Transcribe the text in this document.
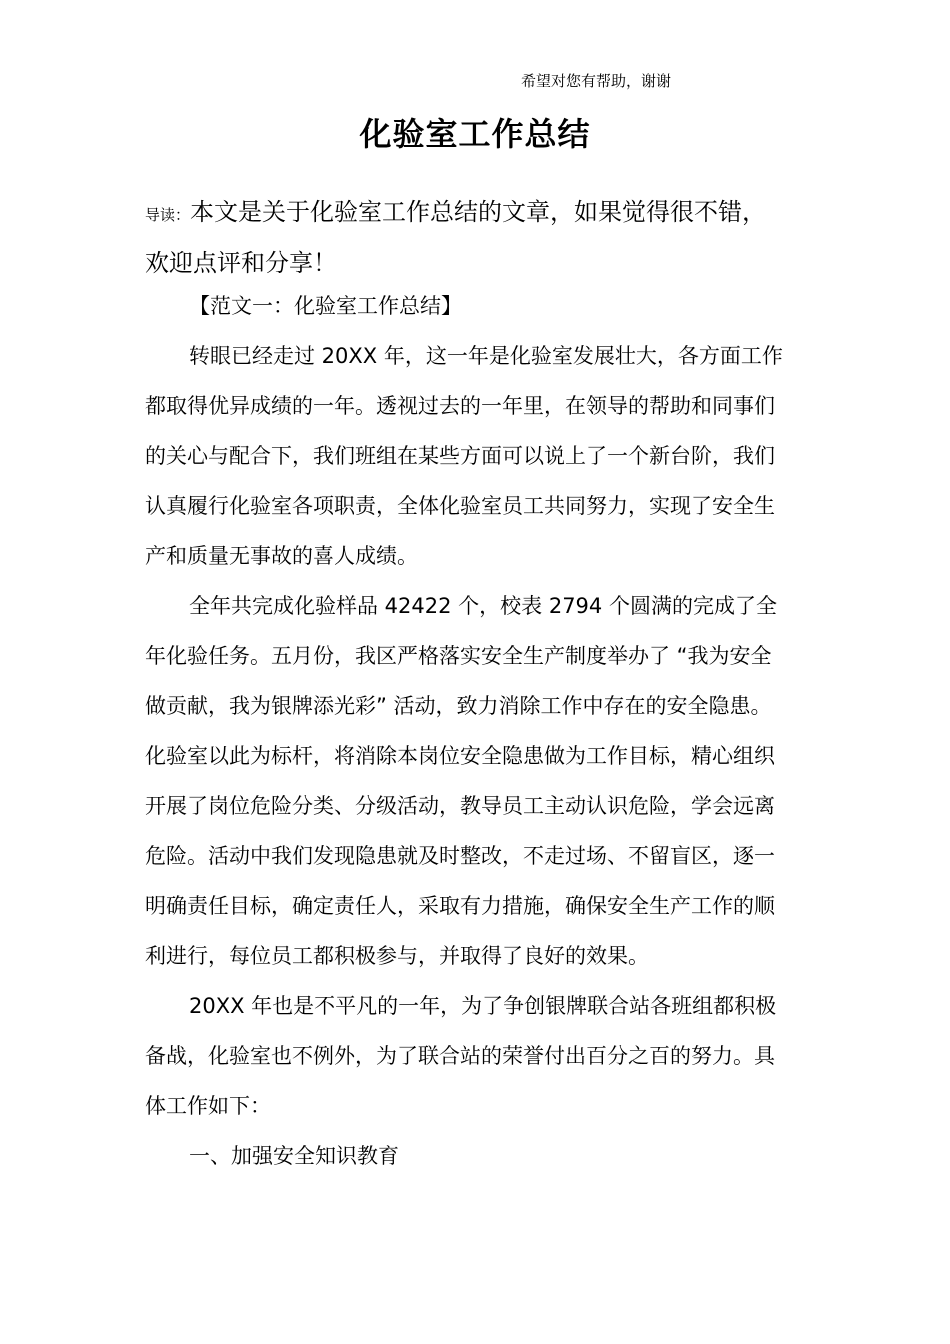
希望对您有帮助，谢谢
化验室工作总结
导读：本文是关于化验室工作总结的文章，如果觉得很不错，
欢迎点评和分享！
【范文一：化验室工作总结】
转眼已经走过 20XX 年，这一年是化验室发展壮大，各方面工作
都取得优异成绩的一年。透视过去的一年里，在领导的帮助和同事们
的关心与配合下，我们班组在某些方面可以说上了一个新台阶，我们
认真履行化验室各项职责，全体化验室员工共同努力，实现了安全生
产和质量无事故的喜人成绩。
全年共完成化验样品 42422 个，校表 2794 个圆满的完成了全
年化验任务。五月份，我区严格落实安全生产制度举办了 “我为安全
做贡献，我为银牌添光彩” 活动，致力消除工作中存在的安全隐患。
化验室以此为标杆，将消除本岗位安全隐患做为工作目标，精心组织
开展了岗位危险分类、分级活动，教导员工主动认识危险，学会远离
危险。活动中我们发现隐患就及时整改，不走过场、不留盲区，逐一
明确责任目标，确定责任人，采取有力措施，确保安全生产工作的顺
利进行，每位员工都积极参与，并取得了良好的效果。
20XX 年也是不平凡的一年，为了争创银牌联合站各班组都积极
备战，化验室也不例外，为了联合站的荣誉付出百分之百的努力。具
体工作如下：
一、加强安全知识教育
